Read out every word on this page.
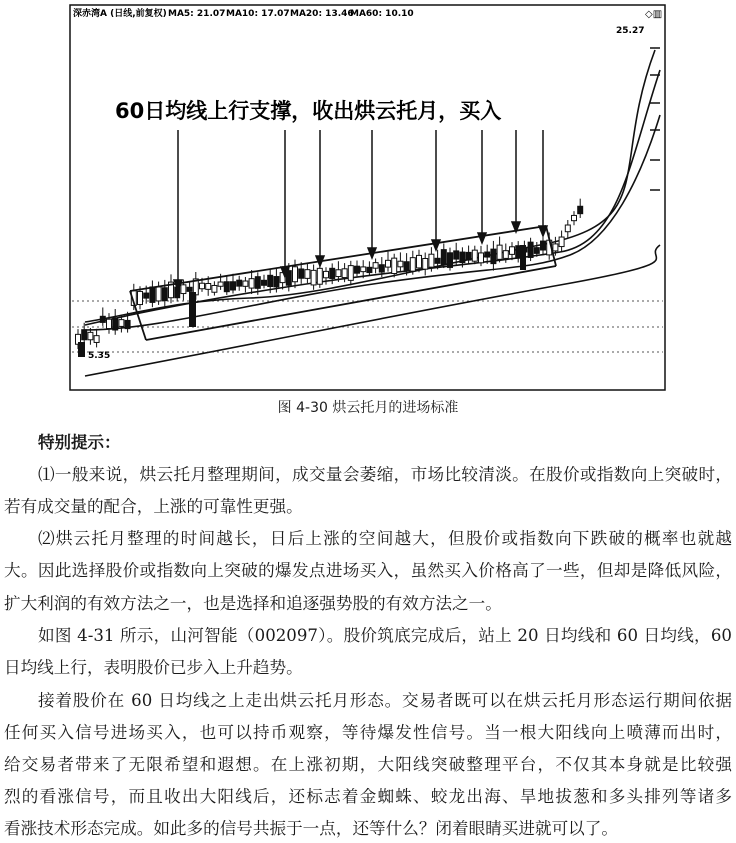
深赤湾A (日线,前复权) MA5: 21.07 MA10: 17.07 MA20: 13.46
MA60: 10.10	◇▥
25.27
5.35
60日均线上行支撑，收出烘云托月，买入
图 4-30 烘云托月的进场标准
特别提示：
⑴一般来说，烘云托月整理期间，成交量会萎缩，市场比较清淡。在股价或指数向上突破时，
若有成交量的配合，上涨的可靠性更强。
⑵烘云托月整理的时间越长，日后上涨的空间越大，但股价或指数向下跌破的概率也就越
大。因此选择股价或指数向上突破的爆发点进场买入，虽然买入价格高了一些，但却是降低风险，
扩大利润的有效方法之一，也是选择和追逐强势股的有效方法之一。
如图 4-31 所示，山河智能（002097）。股价筑底完成后，站上 20 日均线和 60 日均线，60
日均线上行，表明股价已步入上升趋势。
接着股价在 60 日均线之上走出烘云托月形态。交易者既可以在烘云托月形态运行期间依据
任何买入信号进场买入，也可以持币观察，等待爆发性信号。当一根大阳线向上喷薄而出时，
给交易者带来了无限希望和遐想。在上涨初期，大阳线突破整理平台，不仅其本身就是比较强
烈的看涨信号，而且收出大阳线后，还标志着金蜘蛛、蛟龙出海、旱地拔葱和多头排列等诸多
看涨技术形态完成。如此多的信号共振于一点，还等什么？闭着眼睛买进就可以了。
